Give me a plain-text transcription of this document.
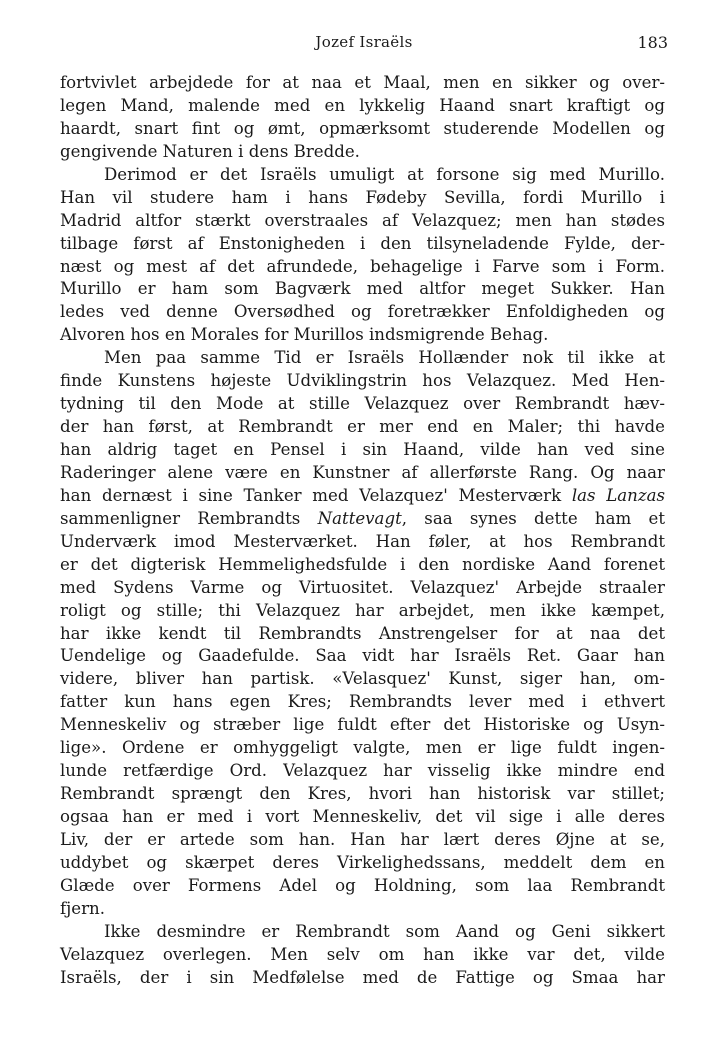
Jozef Israëls	183
fortvivlet arbejdede for at naa et Maal, men en sikker og over-
legen Mand, malende med en lykkelig Haand snart kraftigt og
haardt, snart fint og ømt, opmærksomt studerende Modellen og
gengivende Naturen i dens Bredde.
Derimod er det Israëls umuligt at forsone sig med Murillo.
Han vil studere ham i hans Fødeby Sevilla, fordi Murillo i
Madrid altfor stærkt overstraales af Velazquez; men han stødes
tilbage først af Enstonigheden i den tilsyneladende Fylde, der-
næst og mest af det afrundede, behagelige i Farve som i Form.
Murillo er ham som Bagværk med altfor meget Sukker. Han
ledes ved denne Oversødhed og foretrækker Enfoldigheden og
Alvoren hos en Morales for Murillos indsmigrende Behag.
Men paa samme Tid er Israëls Hollænder nok til ikke at
finde Kunstens højeste Udviklingstrin hos Velazquez. Med Hen-
tydning til den Mode at stille Velazquez over Rembrandt hæv-
der han først, at Rembrandt er mer end en Maler; thi havde
han aldrig taget en Pensel i sin Haand, vilde han ved sine
Raderinger alene være en Kunstner af allerførste Rang. Og naar
han dernæst i sine Tanker med Velazquez' Mesterværk las Lanzas
sammenligner Rembrandts Nattevagt, saa synes dette ham et
Underværk imod Mesterværket. Han føler, at hos Rembrandt
er det digterisk Hemmelighedsfulde i den nordiske Aand forenet
med Sydens Varme og Virtuositet. Velazquez' Arbejde straaler
roligt og stille; thi Velazquez har arbejdet, men ikke kæmpet,
har ikke kendt til Rembrandts Anstrengelser for at naa det
Uendelige og Gaadefulde. Saa vidt har Israëls Ret. Gaar han
videre, bliver han partisk. «Velasquez' Kunst, siger han, om-
fatter kun hans egen Kres; Rembrandts lever med i ethvert
Menneskeliv og stræber lige fuldt efter det Historiske og Usyn-
lige». Ordene er omhyggeligt valgte, men er lige fuldt ingen-
lunde retfærdige Ord. Velazquez har visselig ikke mindre end
Rembrandt sprængt den Kres, hvori han historisk var stillet;
ogsaa han er med i vort Menneskeliv, det vil sige i alle deres
Liv, der er artede som han. Han har lært deres Øjne at se,
uddybet og skærpet deres Virkelighedssans, meddelt dem en
Glæde over Formens Adel og Holdning, som laa Rembrandt
fjern.
Ikke desmindre er Rembrandt som Aand og Geni sikkert
Velazquez overlegen. Men selv om han ikke var det, vilde
Israëls, der i sin Medfølelse med de Fattige og Smaa har
